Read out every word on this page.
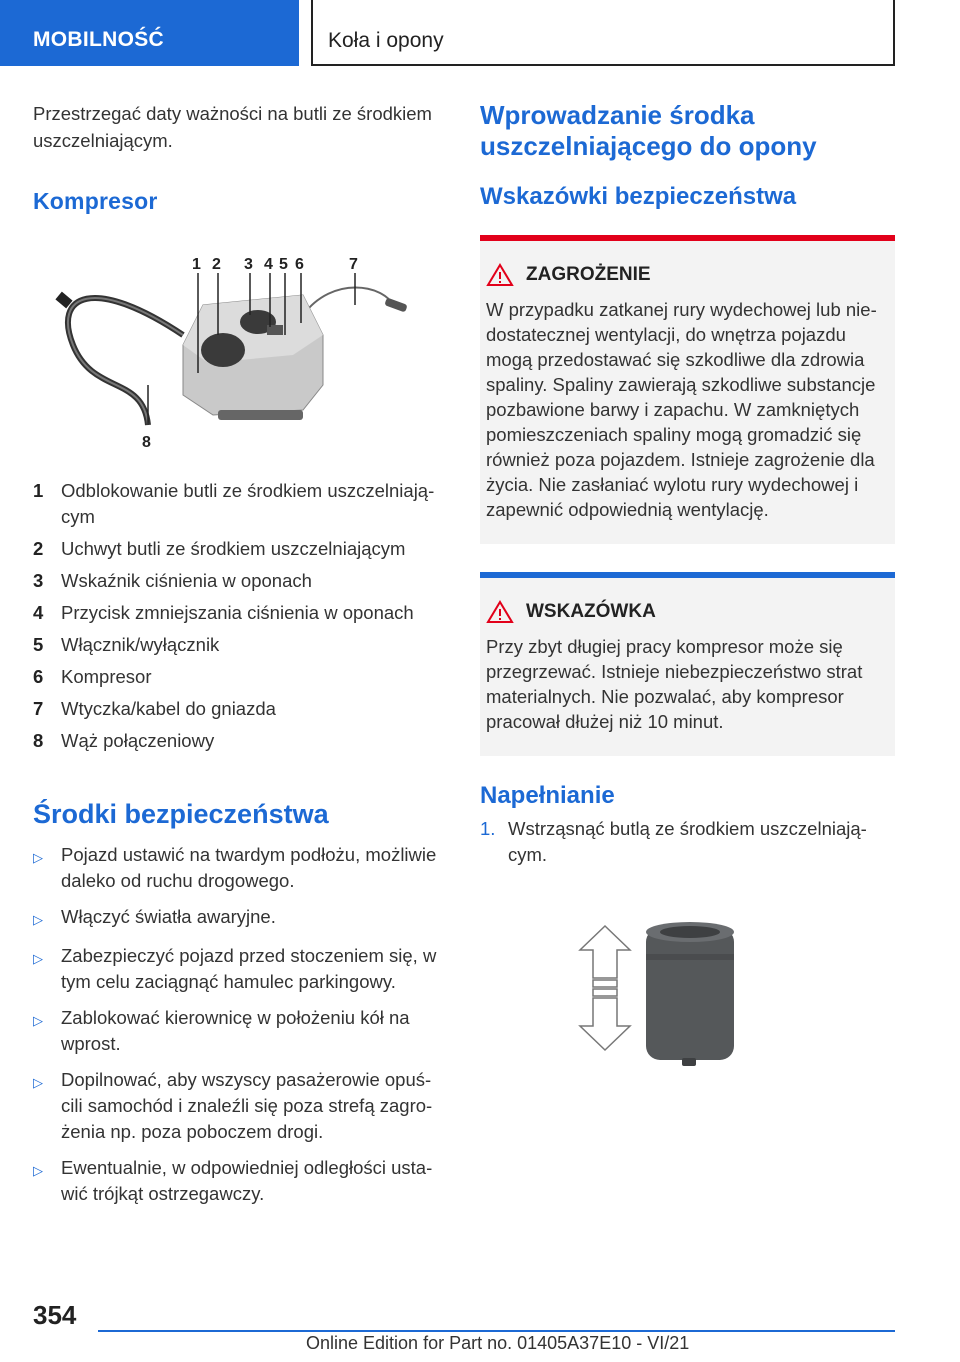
MOBILNOŚĆ	Koła i opony

Przestrzegać daty ważności na butli ze środkiem uszczelniającym.

Kompresor
1 2 3 4 5 6	7
8
1 Odblokowanie butli ze środkiem uszczelniają‐ cym
2 Uchwyt butli ze środkiem uszczelniającym
3 Wskaźnik ciśnienia w oponach
4 Przycisk zmniejszania ciśnienia w oponach
5 Włącznik/wyłącznik
6 Kompresor
7 Wtyczka/kabel do gniazda
8 Wąż połączeniowy
Środki bezpieczeństwa
▷ Pojazd ustawić na twardym podłożu, możliwie daleko od ruchu drogowego.
▷ Włączyć światła awaryjne.
▷ Zabezpieczyć pojazd przed stoczeniem się, w tym celu zaciągnąć hamulec parkingowy.
▷ Zablokować kierownicę w położeniu kół na wprost.
▷ Dopilnować, aby wszyscy pasażerowie opuś‐ cili samochód i znaleźli się poza strefą zagro‐ żenia np. poza poboczem drogi.
▷ Ewentualnie, w odpowiedniej odległości usta‐ wić trójkąt ostrzegawczy.
Wprowadzanie środka uszczelniającego do opony
Wskazówki bezpieczeństwa
ZAGROŻENIE
W przypadku zatkanej rury wydechowej lub nie‐ dostatecznej wentylacji, do wnętrza pojazdu mogą przedostawać się szkodliwe dla zdrowia spaliny. Spaliny zawierają szkodliwe substancje pozbawione barwy i zapachu. W zamkniętych pomieszczeniach spaliny mogą gromadzić się również poza pojazdem. Istnieje zagrożenie dla życia. Nie zasłaniać wylotu rury wydechowej i zapewnić odpowiednią wentylację.
WSKAZÓWKA
Przy zbyt długiej pracy kompresor może się przegrzewać. Istnieje niebezpieczeństwo strat materialnych. Nie pozwalać, aby kompresor pracował dłużej niż 10 minut.
Napełnianie
1. Wstrząsnąć butlą ze środkiem uszczelniają‐ cym.
354
Online Edition for Part no. 01405A37E10 - VI/21
